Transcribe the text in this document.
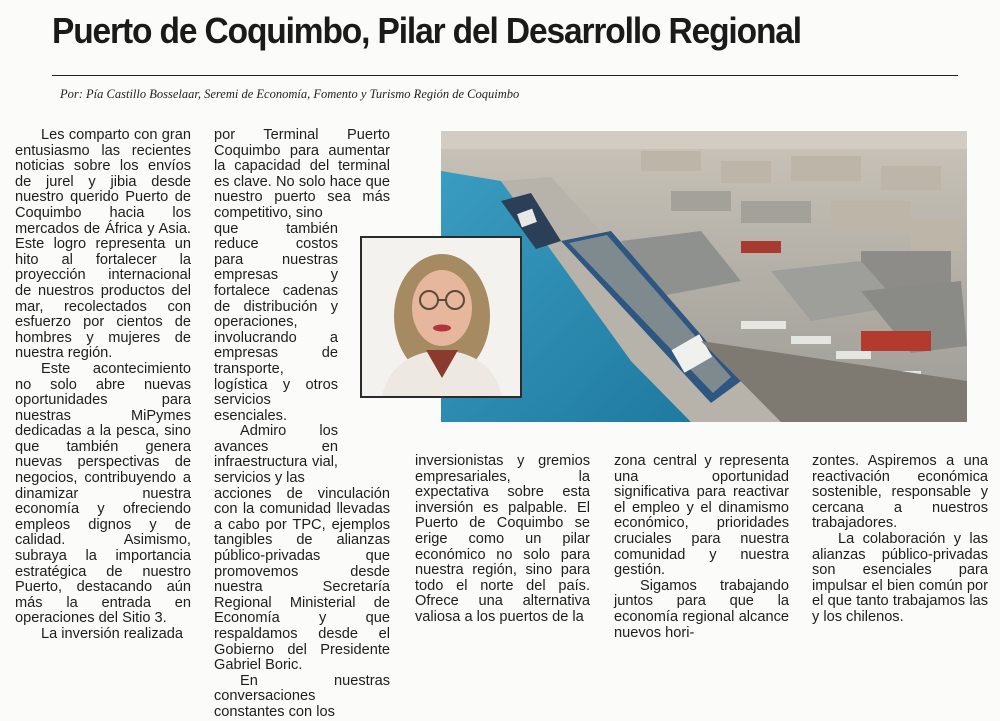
Puerto de Coquimbo, Pilar del Desarrollo Regional
Por: Pía Castillo Bosselaar, Seremi de Economía, Fomento y Turismo Región de Coquimbo

Les comparto con gran entusiasmo las recientes noticias sobre los envíos de jurel y jibia desde nuestro querido Puerto de Coquimbo hacia los mercados de África y Asia. Este logro representa un hito al fortalecer la proyección internacional de nuestros productos del mar, recolectados con esfuerzo por cientos de hombres y mujeres de nuestra región.

Este acontecimiento no solo abre nuevas oportunidades para nuestras MiPymes dedicadas a la pesca, sino que también genera nuevas perspectivas de negocios, contribuyendo a dinamizar nuestra economía y ofreciendo empleos dignos y de calidad. Asimismo, subraya la importancia estratégica de nuestro Puerto, destacando aún más la entrada en operaciones del Sitio 3.

La inversión realizada

por Terminal Puerto Coquimbo para aumentar la capacidad del terminal es clave. No solo hace que nuestro puerto sea más competitivo, sino

que también reduce costos para nuestras empresas y fortalece cadenas de distribución y operaciones, involucrando a empresas de transporte, logística y otros servicios esenciales.

Admiro los avances en infraestructura vial, servicios y las

acciones de vinculación con la comunidad llevadas a cabo por TPC, ejemplos tangibles de alianzas público-privadas que promovemos desde nuestra Secretaría Regional Ministerial de Economía y que respaldamos desde el Gobierno del Presidente Gabriel Boric.

En nuestras conversaciones constantes con los

inversionistas y gremios empresariales, la expectativa sobre esta inversión es palpable. El Puerto de Coquimbo se erige como un pilar económico no solo para nuestra región, sino para todo el norte del país. Ofrece una alternativa valiosa a los puertos de la

zona central y representa una oportunidad significativa para reactivar el empleo y el dinamismo económico, prioridades cruciales para nuestra comunidad y nuestra gestión.

Sigamos trabajando juntos para que la economía regional alcance nuevos hori-

zontes. Aspiremos a una reactivación económica sostenible, responsable y cercana a nuestros trabajadores.

La colaboración y las alianzas público-privadas son esenciales para impulsar el bien común por el que tanto trabajamos las y los chilenos.
